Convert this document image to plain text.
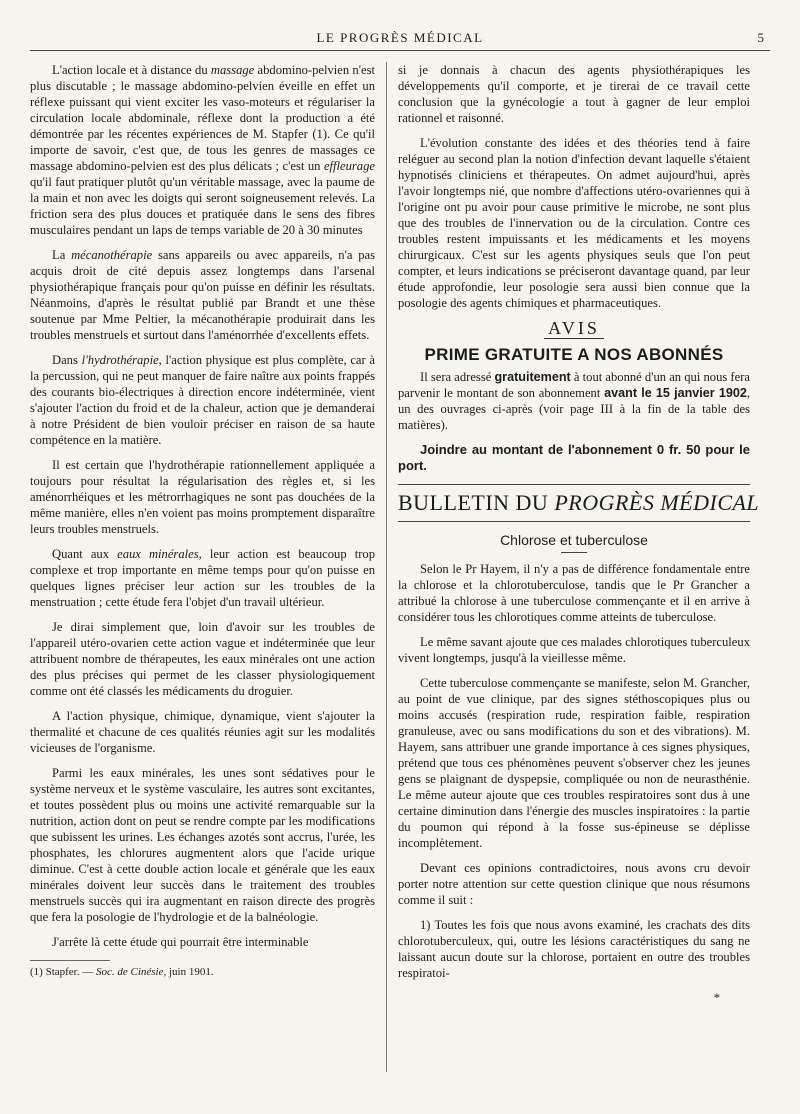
LE PROGRÈS MÉDICAL	5

L'action locale et à distance du massage abdomino-pelvien n'est plus discutable ; le massage abdomino-pelvien éveille en effet un réflexe puissant qui vient exciter les vaso-moteurs et régulariser la circulation locale abdominale, réflexe dont la production a été démontrée par les récentes expériences de M. Stapfer (1). Ce qu'il importe de savoir, c'est que, de tous les genres de massages ce massage abdomino-pelvien est des plus délicats ; c'est un effleurage qu'il faut pratiquer plutôt qu'un véritable massage, avec la paume de la main et non avec les doigts qui seront soigneusement relevés. La friction sera des plus douces et pratiquée dans le sens des fibres musculaires pendant un laps de temps variable de 20 à 30 minutes

La mécanothérapie sans appareils ou avec appareils, n'a pas acquis droit de cité depuis assez longtemps dans l'arsenal physiothérapique français pour qu'on puisse en définir les résultats. Néanmoins, d'après le résultat publié par Brandt et une thèse soutenue par Mme Peltier, la mécanothérapie produirait dans les troubles menstruels et surtout dans l'aménorrhée d'excellents effets.

Dans l'hydrothérapie, l'action physique est plus complète, car à la percussion, qui ne peut manquer de faire naître aux points frappés des courants bio-électriques à direction encore indéterminée, vient s'ajouter l'action du froid et de la chaleur, action que je demanderai à notre Président de bien vouloir préciser en raison de sa haute compétence en la matière.

Il est certain que l'hydrothérapie rationnellement appliquée a toujours pour résultat la régularisation des règles et, si les aménorrhéiques et les métrorrhagiques ne sont pas douchées de la même manière, elles n'en voient pas moins promptement disparaître leurs troubles menstruels.

Quant aux eaux minérales, leur action est beaucoup trop complexe et trop importante en même temps pour qu'on puisse en quelques lignes préciser leur action sur les troubles de la menstruation ; cette étude fera l'objet d'un travail ultérieur.

Je dirai simplement que, loin d'avoir sur les troubles de l'appareil utéro-ovarien cette action vague et indéterminée que leur attribuent nombre de thérapeutes, les eaux minérales ont une action des plus précises qui permet de les classer physiologiquement comme ont été classés les médicaments du droguier.

A l'action physique, chimique, dynamique, vient s'ajouter la thermalité et chacune de ces qualités réunies agit sur les modalités vicieuses de l'organisme.

Parmi les eaux minérales, les unes sont sédatives pour le système nerveux et le système vasculaire, les autres sont excitantes, et toutes possèdent plus ou moins une activité remarquable sur la nutrition, action dont on peut se rendre compte par les modifications que subissent les urines. Les échanges azotés sont accrus, l'urée, les phosphates, les chlorures augmentent alors que l'acide urique diminue. C'est à cette double action locale et générale que les eaux minérales doivent leur succès dans le traitement des troubles menstruels succès qui ira augmentant en raison directe des progrès que fera la posologie de l'hydrologie et de la balnéologie.

J'arrête là cette étude qui pourrait être interminable

(1) Stapfer. — Soc. de Cinésie, juin 1901.

si je donnais à chacun des agents physiothérapiques les développements qu'il comporte, et je tirerai de ce travail cette conclusion que la gynécologie a tout à gagner de leur emploi rationnel et raisonné.

L'évolution constante des idées et des théories tend à faire reléguer au second plan la notion d'infection devant laquelle s'étaient hypnotisés cliniciens et thérapeutes. On admet aujourd'hui, après l'avoir longtemps nié, que nombre d'affections utéro-ovariennes qui à l'origine ont pu avoir pour cause primitive le microbe, ne sont plus que des troubles de l'innervation ou de la circulation. Contre ces troubles restent impuissants et les médicaments et les moyens chirurgicaux. C'est sur les agents physiques seuls que l'on peut compter, et leurs indications se préciseront davantage quand, par leur étude approfondie, leur posologie sera aussi bien connue que la posologie des agents chimiques et pharmaceutiques.

AVIS
PRIME GRATUITE A NOS ABONNÉS

Il sera adressé gratuitement à tout abonné d'un an qui nous fera parvenir le montant de son abonnement avant le 15 janvier 1902, un des ouvrages ci-après (voir page III à la fin de la table des matières).

Joindre au montant de l'abonnement 0 fr. 50 pour le port.

BULLETIN DU PROGRÈS MÉDICAL
Chlorose et tuberculose

Selon le Pr Hayem, il n'y a pas de différence fondamentale entre la chlorose et la chlorotuberculose, tandis que le Pr Grancher a attribué la chlorose à une tuberculose commençante et il en arrive à considérer tous les chlorotiques comme atteints de tuberculose.

Le même savant ajoute que ces malades chlorotiques tuberculeux vivent longtemps, jusqu'à la vieillesse même.

Cette tuberculose commençante se manifeste, selon M. Grancher, au point de vue clinique, par des signes stéthoscopiques plus ou moins accusés (respiration rude, respiration faible, respiration granuleuse, avec ou sans modifications du son et des vibrations). M. Hayem, sans attribuer une grande importance à ces signes physiques, prétend que tous ces phénomènes peuvent s'observer chez les jeunes gens se plaignant de dyspepsie, compliquée ou non de neurasthénie. Le même auteur ajoute que ces troubles respiratoires sont dus à une certaine diminution dans l'énergie des muscles inspiratoires : la partie du poumon qui répond à la fosse sus-épineuse se déplisse incomplètement.

Devant ces opinions contradictoires, nous avons cru devoir porter notre attention sur cette question clinique que nous résumons comme il suit :

1) Toutes les fois que nous avons examiné, les crachats des dits chlorotuberculeux, qui, outre les lésions caractéristiques du sang ne laissant aucun doute sur la chlorose, portaient en outre des troubles respiratoi-

*
